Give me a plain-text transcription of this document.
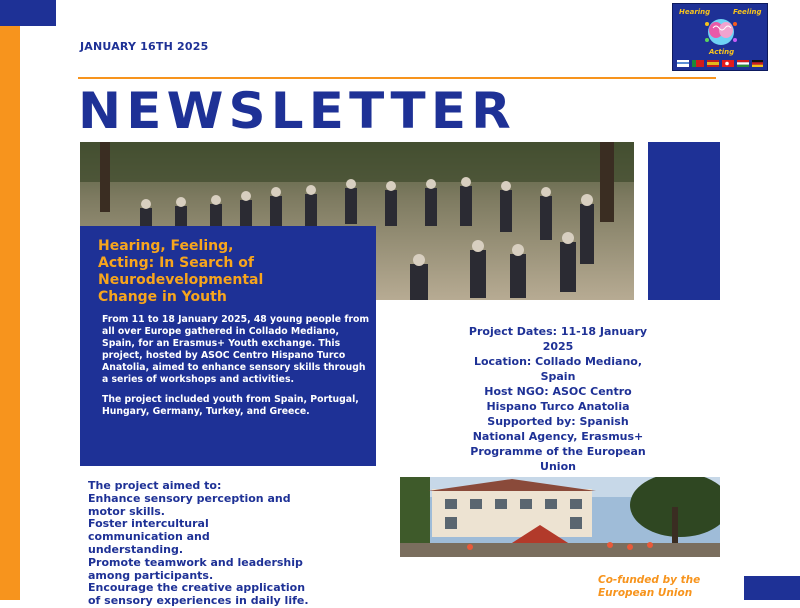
JANUARY 16TH 2025
NEWSLETTER
Hearing	Feeling
Acting
Hearing, Feeling,
Acting: In Search of
Neurodevelopmental
Change in Youth

From 11 to 18 January 2025, 48 young people from all over Europe gathered in Collado Mediano, Spain, for an Erasmus+ Youth exchange. This project, hosted by ASOC Centro Hispano Turco Anatolia, aimed to enhance sensory skills through a series of workshops and activities.

The project included youth from Spain, Portugal, Hungary, Germany, Turkey, and Greece.

Project Dates: 11-18 January
2025
Location: Collado Mediano,
Spain
Host NGO: ASOC Centro
Hispano Turco Anatolia
Supported by: Spanish
National Agency, Erasmus+
Programme of the European
Union
The project aimed to:
Enhance sensory perception and
motor skills.
Foster intercultural
communication and
understanding.
Promote teamwork and leadership
among participants.
Encourage the creative application
of sensory experiences in daily life.
Co-funded by the
European Union
